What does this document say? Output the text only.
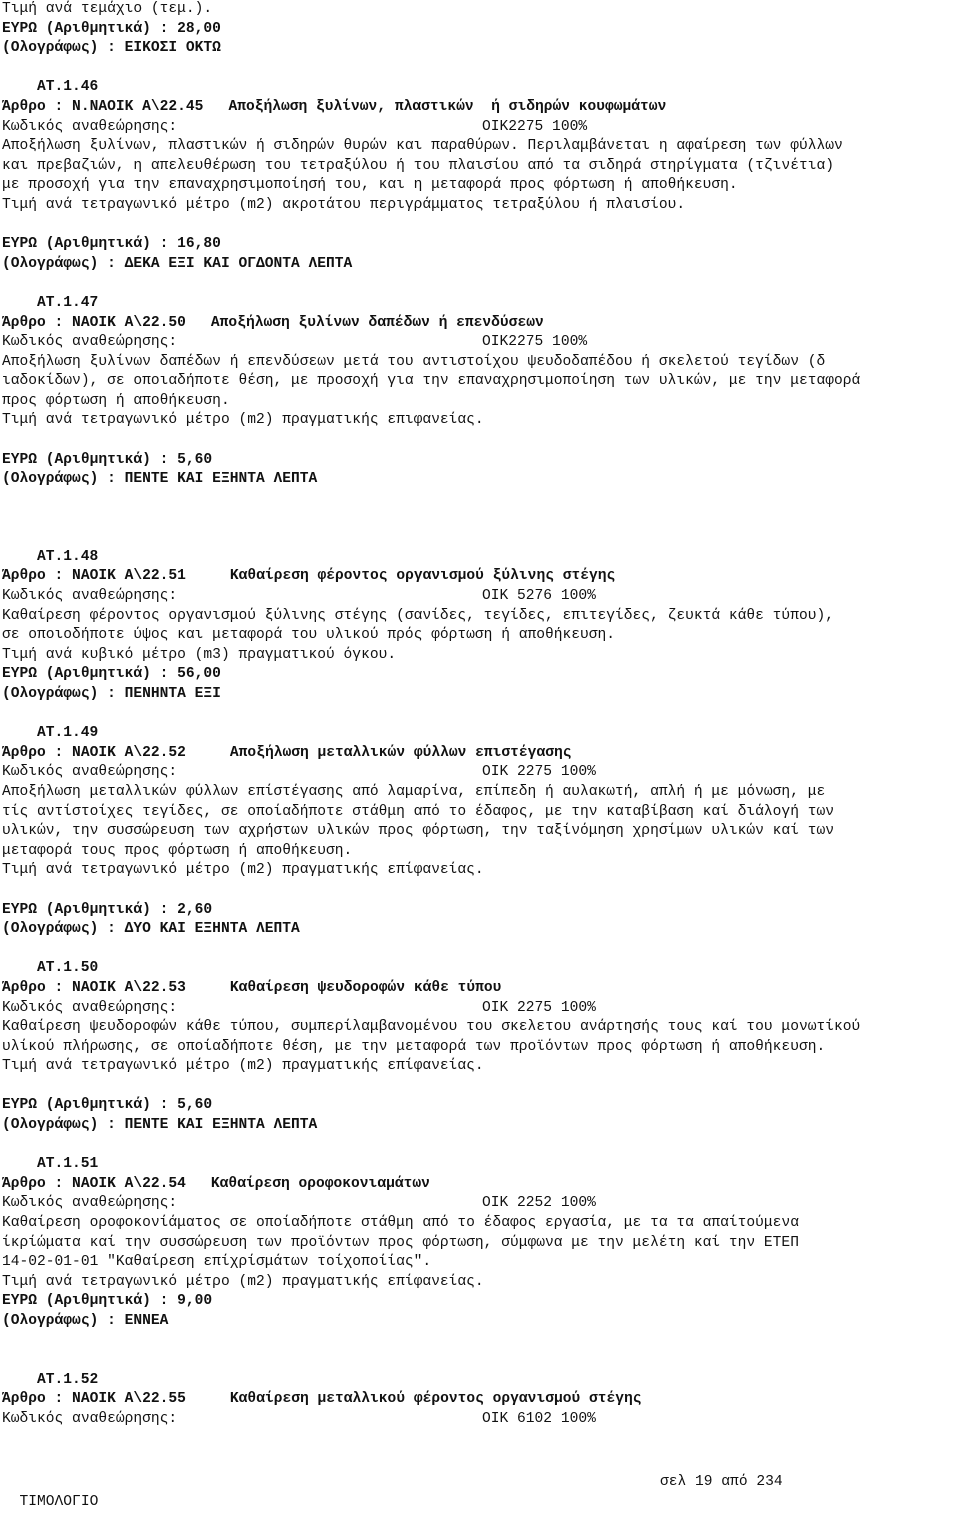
Τιμή ανά τεμάχιο (τεμ.).
ΕΥΡΩ (Αριθμητικά) : 28,00
(Ολογράφως) : ΕΙΚΟΣΙ ΟΚΤΩ
ΑΤ.1.46
Άρθρο : Ν.ΝΑΟΙΚ Α\22.45 Αποξήλωση ξυλίνων, πλαστικών  ή σιδηρών κουφωμάτων
Κωδικός αναθεώρησης:	ΟΙΚ2275 100%
Αποξήλωση ξυλίνων, πλαστικών ή σιδηρών θυρών και παραθύρων. Περιλαμβάνεται η αφαίρεση των φύλλων
και πρεβαζιών, η απελευθέρωση του τετραξύλου ή του πλαισίου από τα σιδηρά στηρίγματα (τζινέτια)
με προσοχή για την επαναχρησιμοποίησή του, και η μεταφορά προς φόρτωση ή αποθήκευση.
Τιμή ανά τετραγωνικό μέτρο (m2) ακροτάτου περιγράμματος τετραξύλου ή πλαισίου.
ΕΥΡΩ (Αριθμητικά) : 16,80
(Ολογράφως) : ΔΕΚΑ ΕΞΙ ΚΑΙ ΟΓΔΟΝΤΑ ΛΕΠΤΑ
ΑΤ.1.47
Άρθρο : ΝΑΟΙΚ Α\22.50 Αποξήλωση ξυλίνων δαπέδων ή επενδύσεων
Κωδικός αναθεώρησης:	ΟΙΚ2275 100%
Αποξήλωση ξυλίνων δαπέδων ή επενδύσεων μετά του αντιστοίχου ψευδοδαπέδου ή σκελετού τεγίδων (δ
ιαδοκίδων), σε οποιαδήποτε θέση, με προσοχή για την επαναχρησιμοποίηση των υλικών, με την μεταφορά
προς φόρτωση ή αποθήκευση.
Τιμή ανά τετραγωνικό μέτρο (m2) πραγματικής επιφανείας.
ΕΥΡΩ (Αριθμητικά) : 5,60
(Ολογράφως) : ΠΕΝΤΕ ΚΑΙ ΕΞΗΝΤΑ ΛΕΠΤΑ
ΑΤ.1.48
Άρθρο : ΝΑΟΙΚ Α\22.51	Καθαίρεση φέροντος οργανισμού ξύλινης στέγης
Κωδικός αναθεώρησης:	ΟΙΚ 5276 100%
Καθαίρεση φέροντος οργανισμού ξύλινης στέγης (σανίδες, τεγίδες, επιτεγίδες, ζευκτά κάθε τύπου),
σε οποιοδήποτε ύψος και μεταφορά του υλικού πρός φόρτωση ή αποθήκευση.
Τιμή ανά κυβικό μέτρο (m3) πραγματικού όγκου.
ΕΥΡΩ (Αριθμητικά) : 56,00
(Ολογράφως) : ΠΕΝΗΝΤΑ ΕΞΙ
ΑΤ.1.49
Άρθρο : ΝΑΟΙΚ Α\22.52	Αποξήλωση μεταλλικών φύλλων επιστέγασης
Κωδικός αναθεώρησης:	ΟΙΚ 2275 100%
Αποξήλωση μεταλλικών φύλλων επίστέγασης από λαμαρίνα, επίπεδη ή αυλακωτή, απλή ή με μόνωση, με
τίς αντίστοίχες τεγίδες, σε οποίαδήποτε στάθμη από το έδαφος, με την καταβίβαση καί διάλογή των
υλικών, την συσσώρευση των αχρήστων υλικών προς φόρτωση, την ταξίνόμηση χρησίμων υλικών καί των
μεταφορά τους προς φόρτωση ή αποθήκευση.
Τιμή ανά τετραγωνικό μέτρο (m2) πραγματικής επίφανείας.
ΕΥΡΩ (Αριθμητικά) : 2,60
(Ολογράφως) : ΔΥΟ ΚΑΙ ΕΞΗΝΤΑ ΛΕΠΤΑ
ΑΤ.1.50
Άρθρο : ΝΑΟΙΚ Α\22.53	Καθαίρεση ψευδοροφών κάθε τύπου
Κωδικός αναθεώρησης:	ΟΙΚ 2275 100%
Καθαίρεση ψευδοροφών κάθε τύπου, συμπερίλαμβανομένου του σκελετου ανάρτησής τους καί του μονωτίκού
υλίκού πλήρωσης, σε οποίαδήποτε θέση, με την μεταφορά των προϊόντων προς φόρτωση ή αποθήκευση.
Τιμή ανά τετραγωνικό μέτρο (m2) πραγματικής επίφανείας.
ΕΥΡΩ (Αριθμητικά) : 5,60
(Ολογράφως) : ΠΕΝΤΕ ΚΑΙ ΕΞΗΝΤΑ ΛΕΠΤΑ
ΑΤ.1.51
Άρθρο : ΝΑΟΙΚ Α\22.54 Καθαίρεση οροφοκονιαμάτων
Κωδικός αναθεώρησης:	ΟΙΚ 2252 100%
Καθαίρεση οροφοκονίάματος σε οποίαδήποτε στάθμη από το έδαφος εργασία, με τα τα απαίτούμενα
ίκρίώματα καί την συσσώρευση των προϊόντων προς φόρτωση, σύμφωνα με την μελέτη καί την ΕΤΕΠ
14-02-01-01 "Καθαίρεση επίχρίσμάτων τοίχοποίίας".
Τιμή ανά τετραγωνικό μέτρο (m2) πραγματικής επίφανείας.
ΕΥΡΩ (Αριθμητικά) : 9,00
(Ολογράφως) : ΕΝΝΕΑ
ΑΤ.1.52
Άρθρο : ΝΑΟΙΚ Α\22.55	Καθαίρεση μεταλλικού φέροντος οργανισμού στέγης
Κωδικός αναθεώρησης:	ΟΙΚ 6102 100%

ΤΙΜΟΛΟΓΙΟ

σελ 19 από 234
